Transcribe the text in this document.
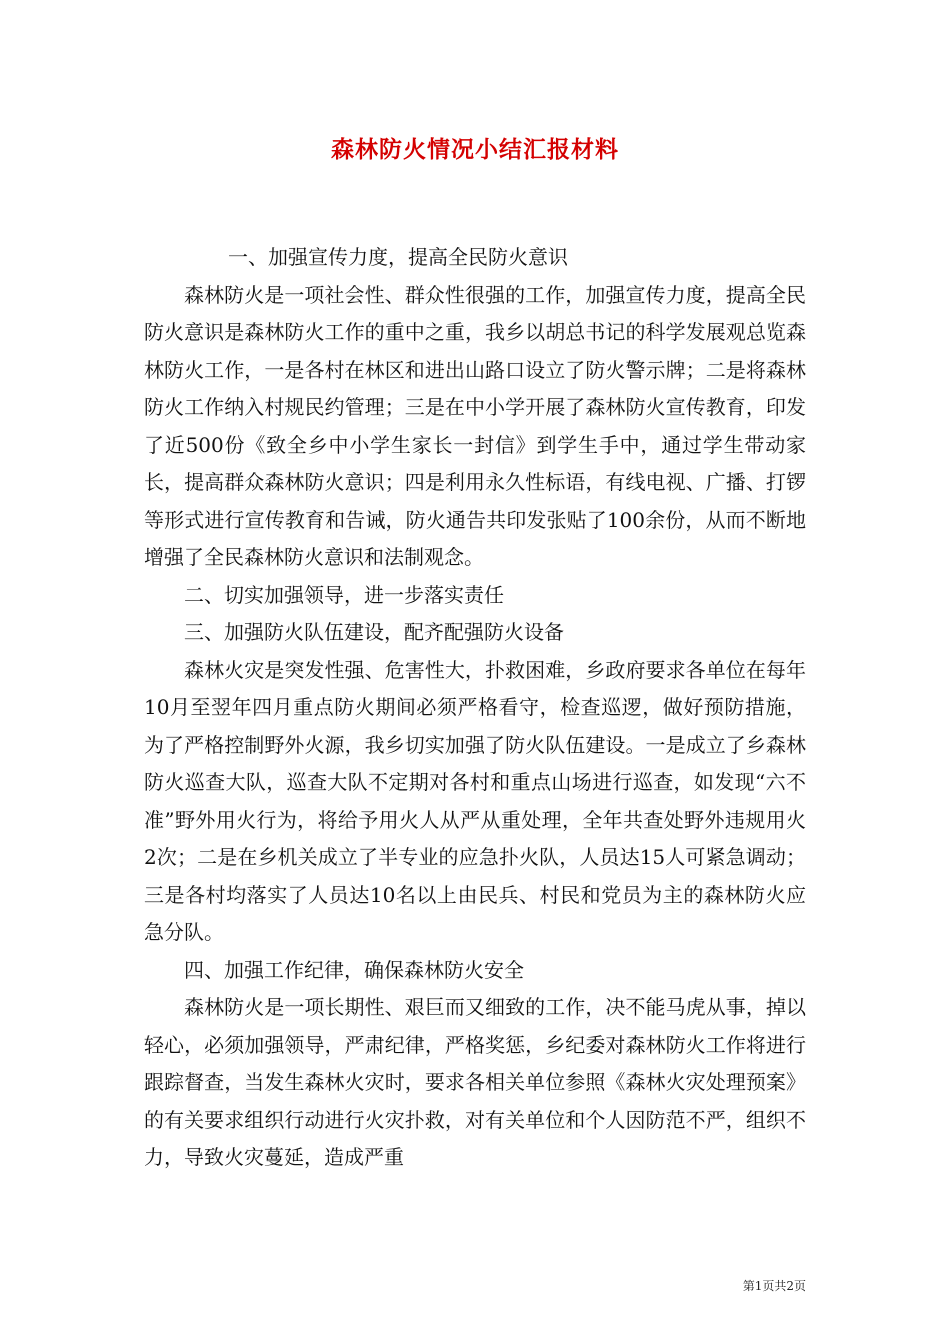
森林防火情况小结汇报材料

一、加强宣传力度，提高全民防火意识

森林防火是一项社会性、群众性很强的工作，加强宣传力度，提高全民防火意识是森林防火工作的重中之重，我乡以胡总书记的科学发展观总览森林防火工作，一是各村在林区和进出山路口设立了防火警示牌；二是将森林防火工作纳入村规民约管理；三是在中小学开展了森林防火宣传教育，印发了近500份《致全乡中小学生家长一封信》到学生手中，通过学生带动家长，提高群众森林防火意识；四是利用永久性标语，有线电视、广播、打锣等形式进行宣传教育和告诫，防火通告共印发张贴了100余份，从而不断地增强了全民森林防火意识和法制观念。

二、切实加强领导，进一步落实责任

三、加强防火队伍建设，配齐配强防火设备

森林火灾是突发性强、危害性大，扑救困难，乡政府要求各单位在每年10月至翌年四月重点防火期间必须严格看守，检查巡逻，做好预防措施，为了严格控制野外火源，我乡切实加强了防火队伍建设。一是成立了乡森林防火巡查大队，巡查大队不定期对各村和重点山场进行巡查，如发现“六不准”野外用火行为，将给予用火人从严从重处理，全年共查处野外违规用火2次；二是在乡机关成立了半专业的应急扑火队，人员达15人可紧急调动；三是各村均落实了人员达10名以上由民兵、村民和党员为主的森林防火应急分队。

四、加强工作纪律，确保森林防火安全

森林防火是一项长期性、艰巨而又细致的工作，决不能马虎从事，掉以轻心，必须加强领导，严肃纪律，严格奖惩，乡纪委对森林防火工作将进行跟踪督查，当发生森林火灾时，要求各相关单位参照《森林火灾处理预案》的有关要求组织行动进行火灾扑救，对有关单位和个人因防范不严，组织不力，导致火灾蔓延，造成严重

第1页共2页
